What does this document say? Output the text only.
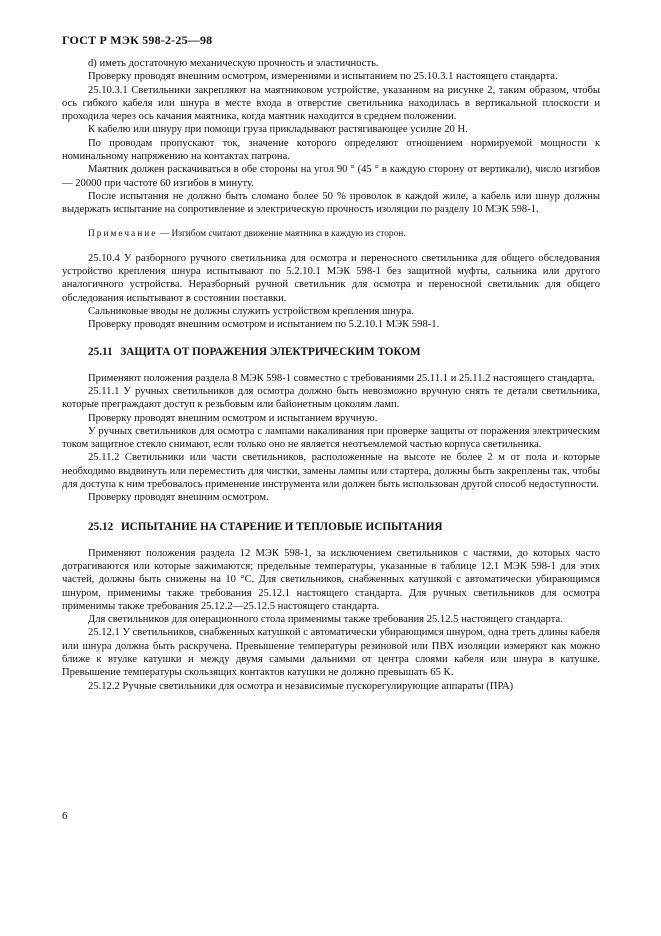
ГОСТ Р МЭК 598-2-25—98

d) иметь достаточную механическую прочность и эластичность.

Проверку проводят внешним осмотром, измерениями и испытанием по 25.10.3.1 настоящего стандарта.

25.10.3.1 Светильники закрепляют на маятниковом устройстве, указанном на рисунке 2, таким образом, чтобы ось гибкого кабеля или шнура в месте входа в отверстие светильника находилась в вертикальной плоскости и проходила через ось качания маятника, когда маятник находится в среднем положении.

К кабелю или шнуру при помощи груза прикладывают растягивающее усилие 20 Н.

По проводам пропускают ток, значение которого определяют отношением нормируемой мощности к номинальному напряжению на контактах патрона.

Маятник должен раскачиваться в обе стороны на угол 90 ° (45 ° в каждую сторону от вертикали), число изгибов — 20000 при частоте 60 изгибов в минуту.

После испытания не должно быть сломано более 50 % проволок в каждой жиле, а кабель или шнур должны выдержать испытание на сопротивление и электрическую прочность изоляции по разделу 10 МЭК 598-1.

Примечание — Изгибом считают движение маятника в каждую из сторон.

25.10.4 У разборного ручного светильника для осмотра и переносного светильника для общего обследования устройство крепления шнура испытывают по 5.2.10.1 МЭК 598-1 без защитной муфты, сальника или другого аналогичного устройства. Неразборный ручной светильник для осмотра и переносной светильник для общего обследования испытывают в состоянии поставки.

Сальниковые вводы не должны служить устройством крепления шнура.

Проверку проводят внешним осмотром и испытанием по 5.2.10.1 МЭК 598-1.

25.11 ЗАЩИТА ОТ ПОРАЖЕНИЯ ЭЛЕКТРИЧЕСКИМ ТОКОМ

Применяют положения раздела 8 МЭК 598-1 совместно с требованиями 25.11.1 и 25.11.2 настоящего стандарта.

25.11.1 У ручных светильников для осмотра должно быть невозможно вручную снять те детали светильника, которые преграждают доступ к резьбовым или байонетным цоколям ламп.

Проверку проводят внешним осмотром и испытанием вручную.

У ручных светильников для осмотра с лампами накаливания при проверке защиты от поражения электрическим током защитное стекло снимают, если только оно не является неотъемлемой частью корпуса светильника.

25.11.2 Светильники или части светильников, расположенные на высоте не более 2 м от пола и которые необходимо выдвинуть или переместить для чистки, замены лампы или стартера, должны быть закреплены так, чтобы для доступа к ним требовалось применение инструмента или должен быть использован другой способ недоступности.

Проверку проводят внешним осмотром.

25.12 ИСПЫТАНИЕ НА СТАРЕНИЕ И ТЕПЛОВЫЕ ИСПЫТАНИЯ

Применяют положения раздела 12 МЭК 598-1, за исключением светильников с частями, до которых часто дотрагиваются или которые зажимаются; предельные температуры, указанные в таблице 12.1 МЭК 598-1 для этих частей, должны быть снижены на 10 °С. Для светильников, снабженных катушкой с автоматически убирающимся шнуром, применимы также требования 25.12.1 настоящего стандарта. Для ручных светильников для осмотра применимы также требования 25.12.2—25.12.5 настоящего стандарта.

Для светильников для операционного стола применимы также требования 25.12.5 настоящего стандарта.

25.12.1 У светильников, снабженных катушкой с автоматически убирающимся шнуром, одна треть длины кабеля или шнура должна быть раскручена. Превышение температуры резиновой или ПВХ изоляции измеряют как можно ближе к втулке катушки и между двумя самыми дальними от центра слоями кабеля или шнура в катушке. Превышение температуры скользящих контактов катушки не должно превышать 65 К.

25.12.2 Ручные светильники для осмотра и независимые пускорегулирующие аппараты (ПРА)

6
